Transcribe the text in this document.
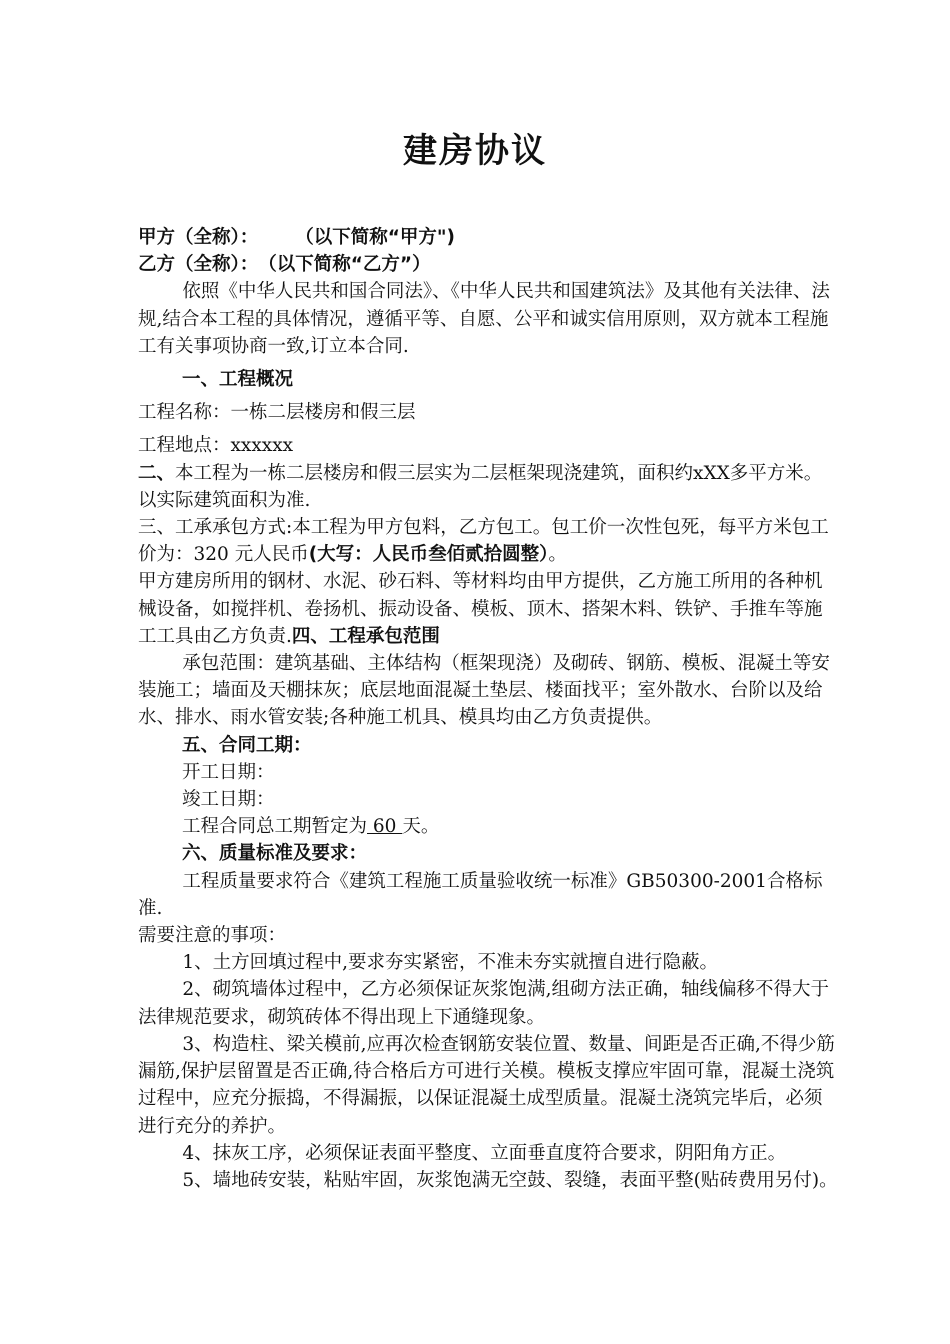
建房协议

甲方（全称）：　　　（以下简称“甲方")

乙方（全称）：　（以下简称“乙方”）

依照《中华人民共和国合同法》、《中华人民共和国建筑法》及其他有关法律、法规,结合本工程的具体情况，遵循平等、自愿、公平和诚实信用原则，双方就本工程施工有关事项协商一致,订立本合同.

一、工程概况

工程名称：一栋二层楼房和假三层

工程地点：xxxxxx

二、本工程为一栋二层楼房和假三层实为二层框架现浇建筑，面积约xXX多平方米。 以实际建筑面积为准.

三、工承承包方式:本工程为甲方包料，乙方包工。包工价一次性包死，每平方米包工价为：320 元人民币(大写：人民币叁佰贰拾圆整）。

甲方建房所用的钢材、水泥、砂石料、等材料均由甲方提供，乙方施工所用的各种机械设备，如搅拌机、卷扬机、振动设备、模板、顶木、搭架木料、铁铲、手推车等施工工具由乙方负责.四、工程承包范围

承包范围：建筑基础、主体结构（框架现浇）及砌砖、钢筋、模板、混凝土等安装施工；墙面及天棚抹灰；底层地面混凝土垫层、楼面找平；室外散水、台阶以及给水、排水、雨水管安装;各种施工机具、模具均由乙方负责提供。

五、合同工期：

开工日期：

竣工日期：

工程合同总工期暂定为 60 天。

六、质量标准及要求：

工程质量要求符合《建筑工程施工质量验收统一标准》GB50300-2001合格标准.

需要注意的事项：

1、土方回填过程中,要求夯实紧密，不准未夯实就擅自进行隐蔽。

2、砌筑墙体过程中，乙方必须保证灰浆饱满,组砌方法正确，轴线偏移不得大于法律规范要求，砌筑砖体不得出现上下通缝现象。

3、构造柱、梁关模前,应再次检查钢筋安装位置、数量、间距是否正确,不得少筋漏筋,保护层留置是否正确,待合格后方可进行关模。模板支撑应牢固可靠，混凝土浇筑过程中，应充分振捣，不得漏振，以保证混凝土成型质量。混凝土浇筑完毕后，必须进行充分的养护。

4、抹灰工序，必须保证表面平整度、立面垂直度符合要求，阴阳角方正。

5、墙地砖安装，粘贴牢固，灰浆饱满无空鼓、裂缝，表面平整(贴砖费用另付)。
